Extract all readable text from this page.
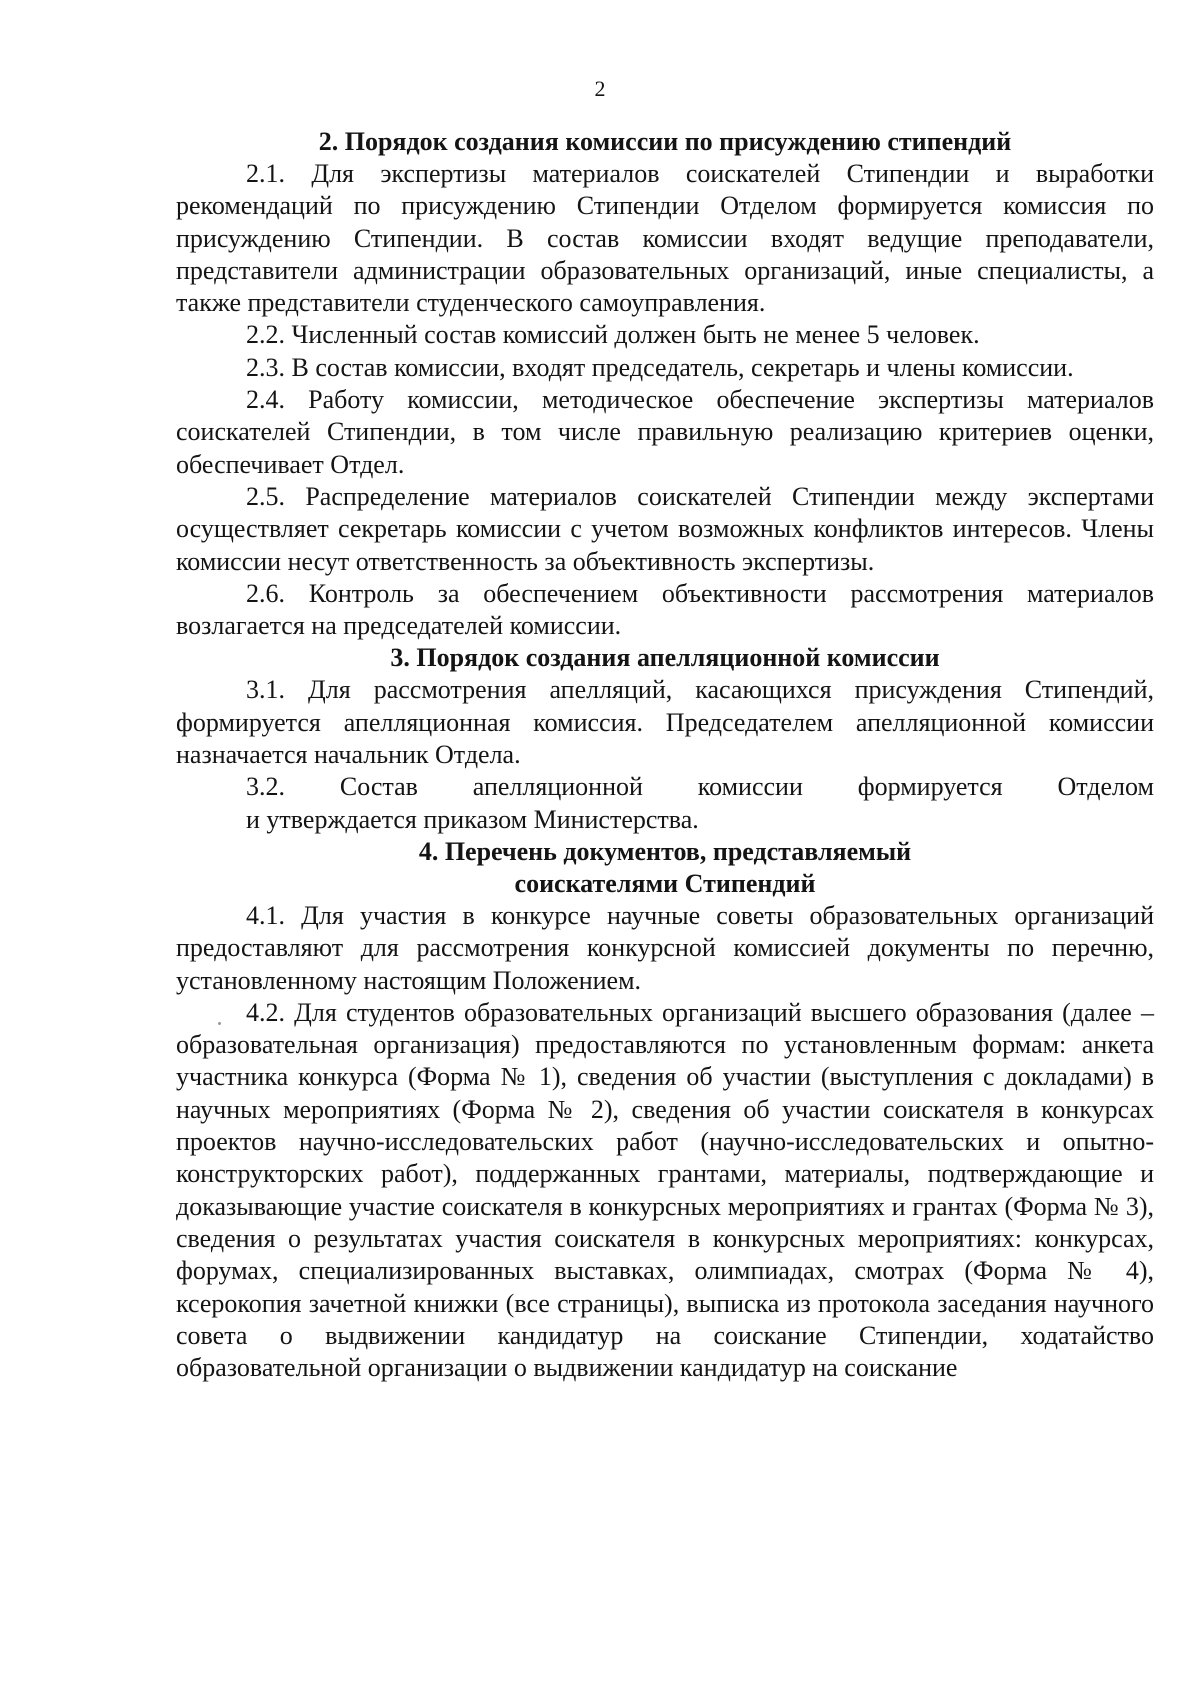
2
2. Порядок создания комиссии по присуждению стипендий

2.1. Для экспертизы материалов соискателей Стипендии и выработки рекомендаций по присуждению Стипендии Отделом формируется комиссия по присуждению Стипендии. В состав комиссии входят ведущие преподаватели, представители администрации образовательных организаций, иные специалисты, а также представители студенческого самоуправления.

2.2. Численный состав комиссий должен быть не менее 5 человек.

2.3. В состав комиссии, входят председатель, секретарь и члены комиссии.

2.4. Работу комиссии, методическое обеспечение экспертизы материалов соискателей Стипендии, в том числе правильную реализацию критериев оценки, обеспечивает Отдел.

2.5. Распределение материалов соискателей Стипендии между экспертами осуществляет секретарь комиссии с учетом возможных конфликтов интересов. Члены комиссии несут ответственность за объективность экспертизы.

2.6. Контроль за обеспечением объективности рассмотрения материалов возлагается на председателей комиссии.

3. Порядок создания апелляционной комиссии

3.1. Для рассмотрения апелляций, касающихся присуждения Стипендий, формируется апелляционная комиссия. Председателем апелляционной комиссии назначается начальник Отдела.

3.2. Состав апелляционной комиссии формируется Отделом

и утверждается приказом Министерства.

4. Перечень документов, представляемый
соискателями Стипендий

4.1. Для участия в конкурсе научные советы образовательных организаций предоставляют для рассмотрения конкурсной комиссией документы по перечню, установленному настоящим Положением.

4.2. Для студентов образовательных организаций высшего образования (далее – образовательная организация) предоставляются по установленным формам: анкета участника конкурса (Форма № 1), сведения об участии (выступления с докладами) в научных мероприятиях (Форма № 2), сведения об участии соискателя в конкурсах проектов научно-исследовательских работ (научно-исследовательских и опытно-конструкторских работ), поддержанных грантами, материалы, подтверждающие и доказывающие участие соискателя в конкурсных мероприятиях и грантах (Форма № 3), сведения о результатах участия соискателя в конкурсных мероприятиях: конкурсах, форумах, специализированных выставках, олимпиадах, смотрах (Форма № 4), ксерокопия зачетной книжки (все страницы), выписка из протокола заседания научного совета о выдвижении кандидатур на соискание Стипендии, ходатайство образовательной организации о выдвижении кандидатур на соискание
